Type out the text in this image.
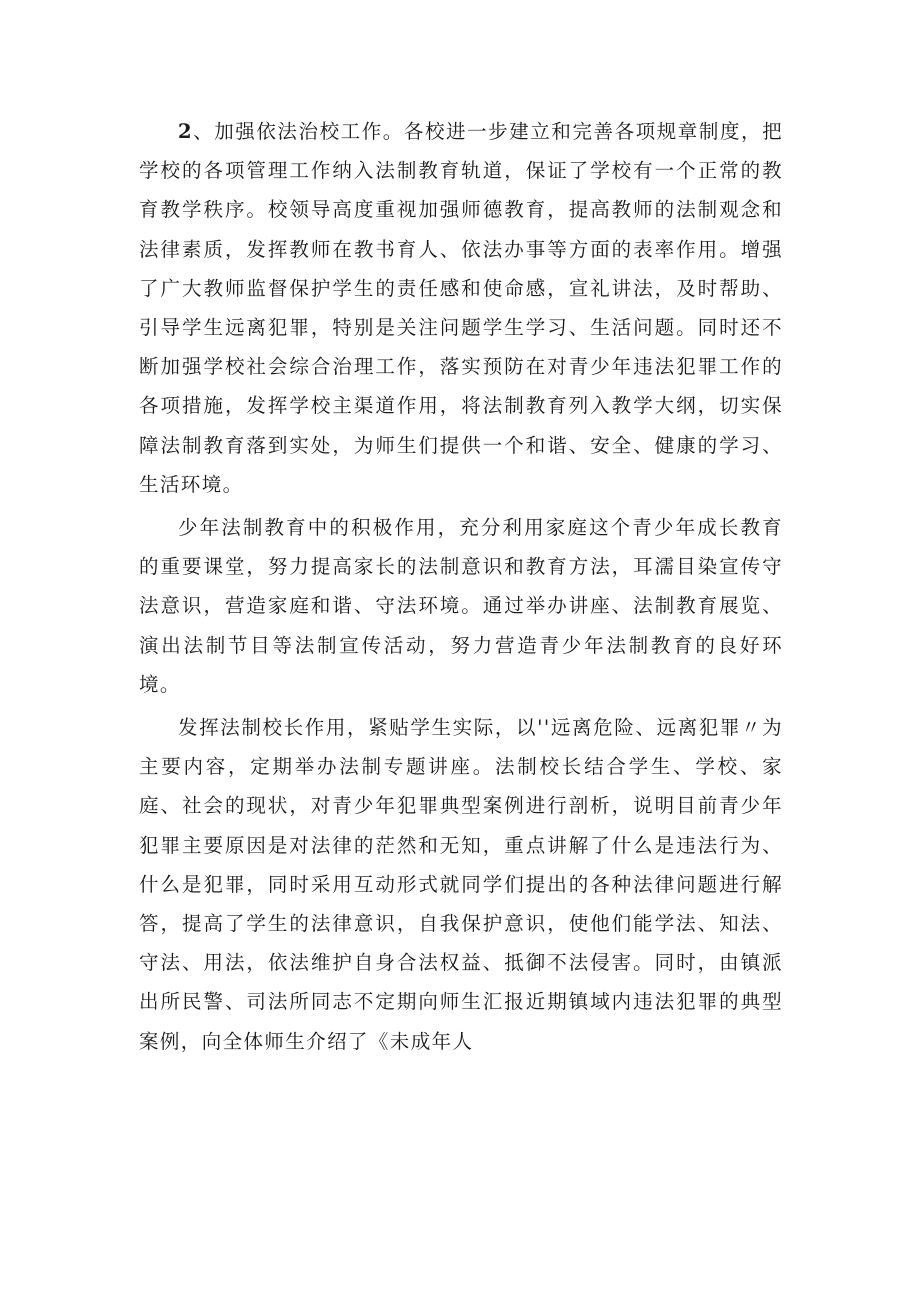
2、加强依法治校工作。各校进一步建立和完善各项规章制度，把学校的各项管理工作纳入法制教育轨道，保证了学校有一个正常的教育教学秩序。校领导高度重视加强师德教育，提高教师的法制观念和法律素质，发挥教师在教书育人、依法办事等方面的表率作用。增强了广大教师监督保护学生的责任感和使命感，宣礼讲法，及时帮助、引导学生远离犯罪，特别是关注问题学生学习、生活问题。同时还不断加强学校社会综合治理工作，落实预防在对青少年违法犯罪工作的各项措施，发挥学校主渠道作用，将法制教育列入教学大纲，切实保障法制教育落到实处，为师生们提供一个和谐、安全、健康的学习、生活环境。

少年法制教育中的积极作用，充分利用家庭这个青少年成长教育的重要课堂，努力提高家长的法制意识和教育方法，耳濡目染宣传守法意识，营造家庭和谐、守法环境。通过举办讲座、法制教育展览、演出法制节目等法制宣传活动，努力营造青少年法制教育的良好环境。

发挥法制校长作用，紧贴学生实际，以''远离危险、远离犯罪〃为主要内容，定期举办法制专题讲座。法制校长结合学生、学校、家庭、社会的现状，对青少年犯罪典型案例进行剖析，说明目前青少年犯罪主要原因是对法律的茫然和无知，重点讲解了什么是违法行为、什么是犯罪，同时采用互动形式就同学们提出的各种法律问题进行解答，提高了学生的法律意识，自我保护意识，使他们能学法、知法、守法、用法，依法维护自身合法权益、抵御不法侵害。同时，由镇派出所民警、司法所同志不定期向师生汇报近期镇域内违法犯罪的典型案例，向全体师生介绍了《未成年人
